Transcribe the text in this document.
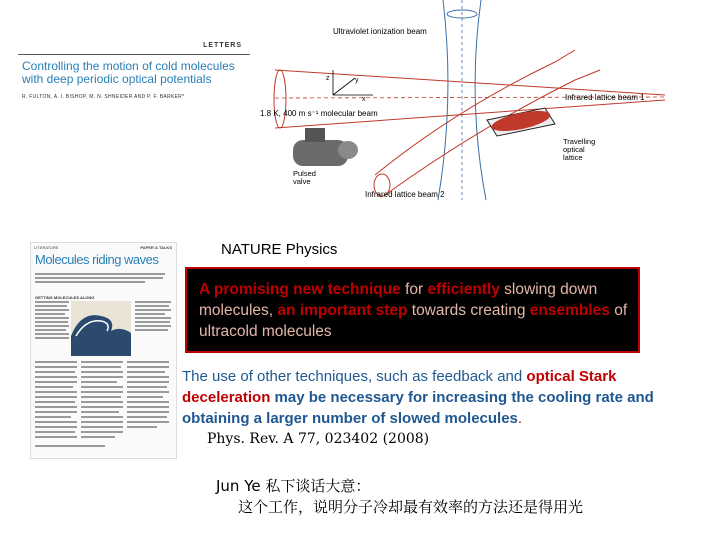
LETTERS
Controlling the motion of cold molecules
with deep periodic optical potentials
R. FULTON, A. I. BISHOP, M. N. SHNEIDER AND P. F. BARKER*
z	y
x
Ultraviolet ionization beam
Infrared lattice beam 1
Infrared lattice beam 2
1.8 K, 400 m s⁻¹ molecular beam
Travelling
optical
lattice
Pulsed
valve
LITERATURE	PAPER & TALKS
Molecules riding waves
GETTING MOLECULES ALONG
NATURE Physics
A promising new technique for efficiently slowing down molecules, an important step towards creating ensembles of ultracold molecules
The use of other techniques, such as feedback and optical Stark deceleration may be necessary for increasing the cooling rate and obtaining a larger number of slowed molecules.
Phys. Rev. A 77, 023402 (2008)
Jun Ye 私下谈话大意：
这个工作，说明分子冷却最有效率的方法还是得用光
